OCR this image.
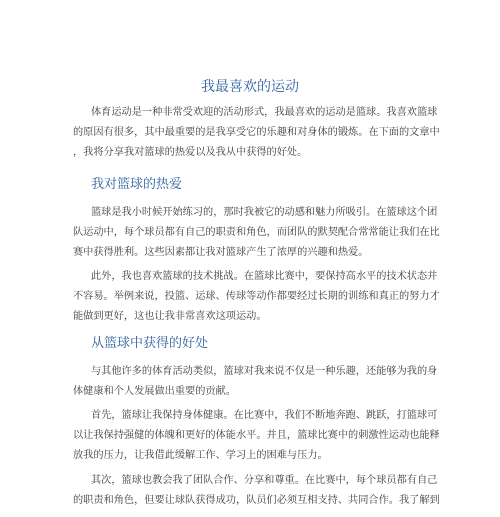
我最喜欢的运动
体育运动是一种非常受欢迎的活动形式，我最喜欢的运动是篮球。我喜欢篮球
的原因有很多，其中最重要的是我享受它的乐趣和对身体的锻炼。在下面的文章中
，我将分享我对篮球的热爱以及我从中获得的好处。
我对篮球的热爱
篮球是我小时候开始练习的，那时我被它的动感和魅力所吸引。在篮球这个团
队运动中，每个球员都有自己的职责和角色，而团队的默契配合常常能让我们在比
赛中获得胜利。这些因素都让我对篮球产生了浓厚的兴趣和热爱。
此外，我也喜欢篮球的技术挑战。在篮球比赛中，要保持高水平的技术状态并
不容易。举例来说，投篮、运球、传球等动作都要经过长期的训练和真正的努力才
能做到更好，这也让我非常喜欢这项运动。
从篮球中获得的好处
与其他许多的体育活动类似，篮球对我来说不仅是一种乐趣，还能够为我的身
体健康和个人发展做出重要的贡献。
首先，篮球让我保持身体健康。在比赛中，我们不断地奔跑、跳跃，打篮球可
以让我保持强健的体魄和更好的体能水平。并且，篮球比赛中的刺激性运动也能释
放我的压力，让我借此缓解工作、学习上的困难与压力。
其次，篮球也教会我了团队合作、分享和尊重。在比赛中，每个球员都有自己
的职责和角色，但要让球队获得成功，队员们必须互相支持、共同合作。我了解到
